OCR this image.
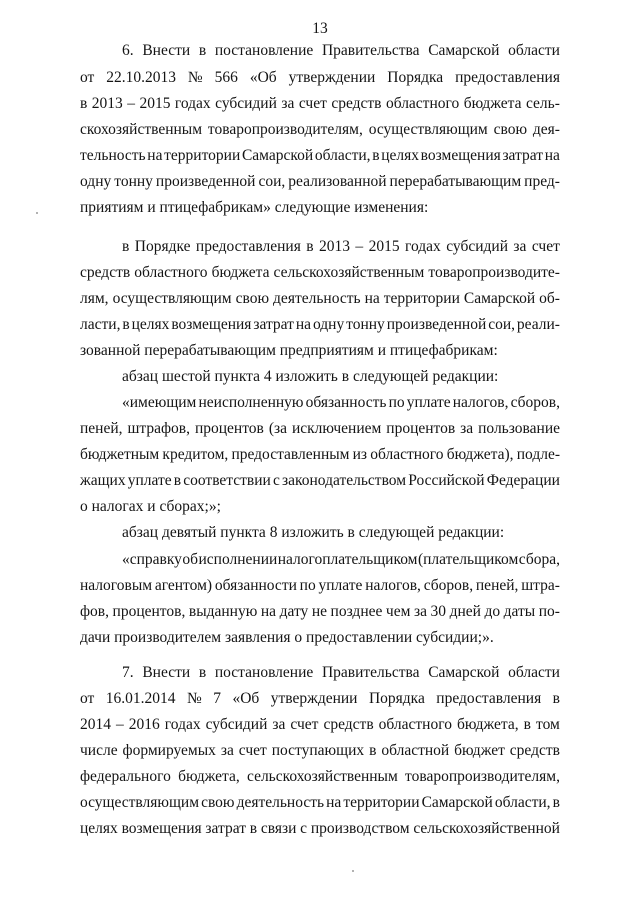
13
6. Внести в постановление Правительства Самарской области
от 22.10.2013 № 566 «Об утверждении Порядка предоставления
в 2013 – 2015 годах субсидий за счет средств областного бюджета сель-
скохозяйственным товаропроизводителям, осуществляющим свою дея-
тельность на территории Самарской области, в целях возмещения затрат на
одну тонну произведенной сои, реализованной перерабатывающим пред-
приятиям и птицефабрикам» следующие изменения:
в Порядке предоставления в 2013 – 2015 годах субсидий за счет
средств областного бюджета сельскохозяйственным товаропроизводите-
лям, осуществляющим свою деятельность на территории Самарской об-
ласти, в целях возмещения затрат на одну тонну произведенной сои, реали-
зованной перерабатывающим предприятиям и птицефабрикам:
абзац шестой пункта 4 изложить в следующей редакции:
«имеющим неисполненную обязанность по уплате налогов, сборов,
пеней, штрафов, процентов (за исключением процентов за пользование
бюджетным кредитом, предоставленным из областного бюджета), подле-
жащих уплате в соответствии с законодательством Российской Федерации
о налогах и сборах;»;
абзац девятый пункта 8 изложить в следующей редакции:
«справку об исполнении налогоплательщиком (плательщиком сбора,
налоговым агентом) обязанности по уплате налогов, сборов, пеней, штра-
фов, процентов, выданную на дату не позднее чем за 30 дней до даты по-
дачи производителем заявления о предоставлении субсидии;».
7. Внести в постановление Правительства Самарской области
от 16.01.2014 № 7 «Об утверждении Порядка предоставления в
2014 – 2016 годах субсидий за счет средств областного бюджета, в том
числе формируемых за счет поступающих в областной бюджет средств
федерального бюджета, сельскохозяйственным товаропроизводителям,
осуществляющим свою деятельность на территории Самарской области, в
целях возмещения затрат в связи с производством сельскохозяйственной
